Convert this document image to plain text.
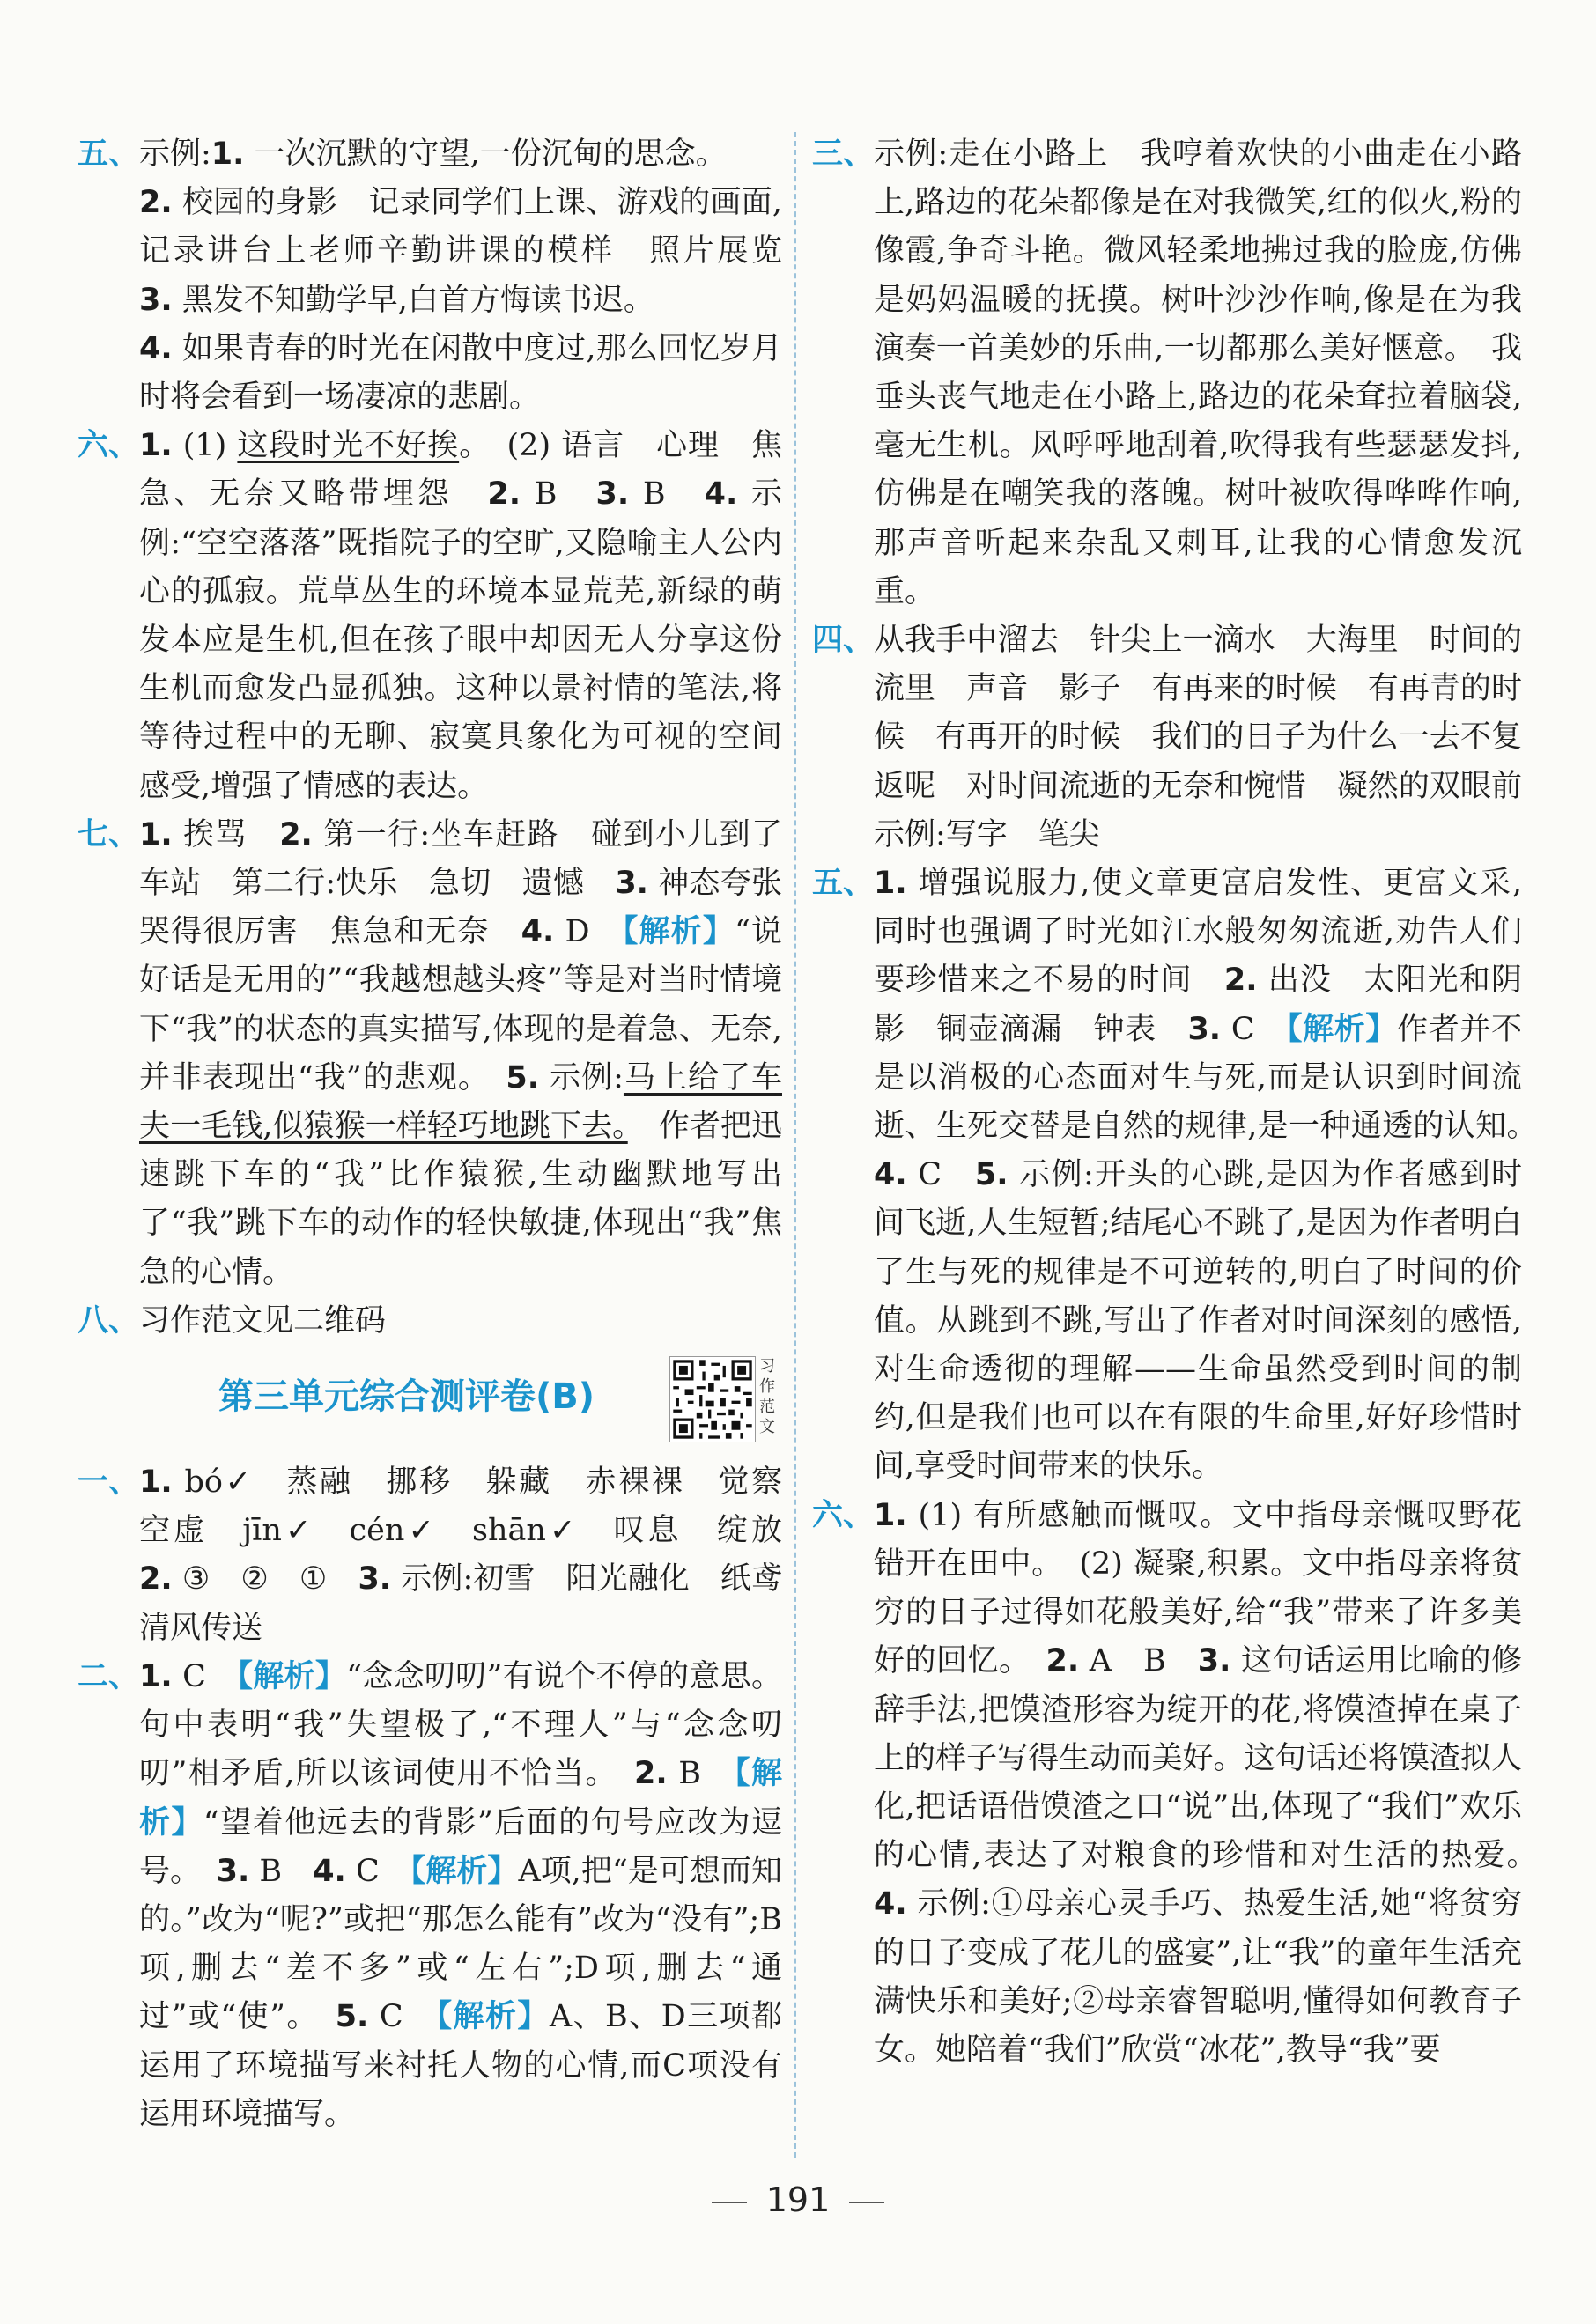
五、 示例:1. 一次沉默的守望,一份沉甸的思念。
2. 校园的身影　记录同学们上课、游戏的画面,记录讲台上老师辛勤讲课的模样　照片展览　3. 黑发不知勤学早,白首方悔读书迟。
4. 如果青春的时光在闲散中度过,那么回忆岁月时将会看到一场凄凉的悲剧。
六、 1. (1) 这段时光不好挨。　(2) 语言　心理　焦急、无奈又略带埋怨　2. B　3. B　4. 示例:“空空落落”既指院子的空旷,又隐喻主人公内心的孤寂。荒草丛生的环境本显荒芜,新绿的萌发本应是生机,但在孩子眼中却因无人分享这份生机而愈发凸显孤独。这种以景衬情的笔法,将等待过程中的无聊、寂寞具象化为可视的空间感受,增强了情感的表达。
七、 1. 挨骂　2. 第一行:坐车赶路　碰到小儿到了车站　第二行:快乐　急切　遗憾　3. 神态夸张　哭得很厉害　焦急和无奈　4. D　【解析】“说好话是无用的”“我越想越头疼”等是对当时情境下“我”的状态的真实描写,体现的是着急、无奈,并非表现出“我”的悲观。　5. 示例:马上给了车夫一毛钱,似猿猴一样轻巧地跳下去。　作者把迅速跳下车的“我”比作猿猴,生动幽默地写出了“我”跳下车的动作的轻快敏捷,体现出“我”焦急的心情。
八、 习作范文见二维码
第三单元综合测评卷(B)
习作范文
一、 1. bó✓　蒸融　挪移　躲藏　赤裸裸　觉察　空虚　jīn✓　cén✓　shān✓　叹息　绽放　2. ③　②　①　3. 示例:初雪　阳光融化　纸鸢　清风传送
二、 1. C　【解析】“念念叨叨”有说个不停的意思。句中表明“我”失望极了,“不理人”与“念念叨叨”相矛盾,所以该词使用不恰当。　2. B　【解析】“望着他远去的背影”后面的句号应改为逗号。　3. B　4. C　【解析】A项,把“是可想而知的。”改为“呢?”或把“那怎么能有”改为“没有”;B项,删去“差不多”或“左右”;D项,删去“通过”或“使”。　5. C　【解析】A、B、D三项都运用了环境描写来衬托人物的心情,而C项没有运用环境描写。
三、 示例:走在小路上　我哼着欢快的小曲走在小路上,路边的花朵都像是在对我微笑,红的似火,粉的像霞,争奇斗艳。微风轻柔地拂过我的脸庞,仿佛是妈妈温暖的抚摸。树叶沙沙作响,像是在为我演奏一首美妙的乐曲,一切都那么美好惬意。　我垂头丧气地走在小路上,路边的花朵耷拉着脑袋,毫无生机。风呼呼地刮着,吹得我有些瑟瑟发抖,仿佛是在嘲笑我的落魄。树叶被吹得哗哗作响,那声音听起来杂乱又刺耳,让我的心情愈发沉重。
四、 从我手中溜去　针尖上一滴水　大海里　时间的流里　声音　影子　有再来的时候　有再青的时候　有再开的时候　我们的日子为什么一去不复返呢　对时间流逝的无奈和惋惜　凝然的双眼前　示例:写字　笔尖
五、 1. 增强说服力,使文章更富启发性、更富文采,同时也强调了时光如江水般匆匆流逝,劝告人们要珍惜来之不易的时间　2. 出没　太阳光和阴影　铜壶滴漏　钟表　3. C　【解析】作者并不是以消极的心态面对生与死,而是认识到时间流逝、生死交替是自然的规律,是一种通透的认知。　4. C　5. 示例:开头的心跳,是因为作者感到时间飞逝,人生短暂;结尾心不跳了,是因为作者明白了生与死的规律是不可逆转的,明白了时间的价值。从跳到不跳,写出了作者对时间深刻的感悟,对生命透彻的理解——生命虽然受到时间的制约,但是我们也可以在有限的生命里,好好珍惜时间,享受时间带来的快乐。
六、 1. (1) 有所感触而慨叹。文中指母亲慨叹野花错开在田中。　(2) 凝聚,积累。文中指母亲将贫穷的日子过得如花般美好,给“我”带来了许多美好的回忆。　2. A　B　3. 这句话运用比喻的修辞手法,把馍渣形容为绽开的花,将馍渣掉在桌子上的样子写得生动而美好。这句话还将馍渣拟人化,把话语借馍渣之口“说”出,体现了“我们”欢乐的心情,表达了对粮食的珍惜和对生活的热爱。　4. 示例:①母亲心灵手巧、热爱生活,她“将贫穷的日子变成了花儿的盛宴”,让“我”的童年生活充满快乐和美好;②母亲睿智聪明,懂得如何教育子女。她陪着“我们”欣赏“冰花”,教导“我”要
191
